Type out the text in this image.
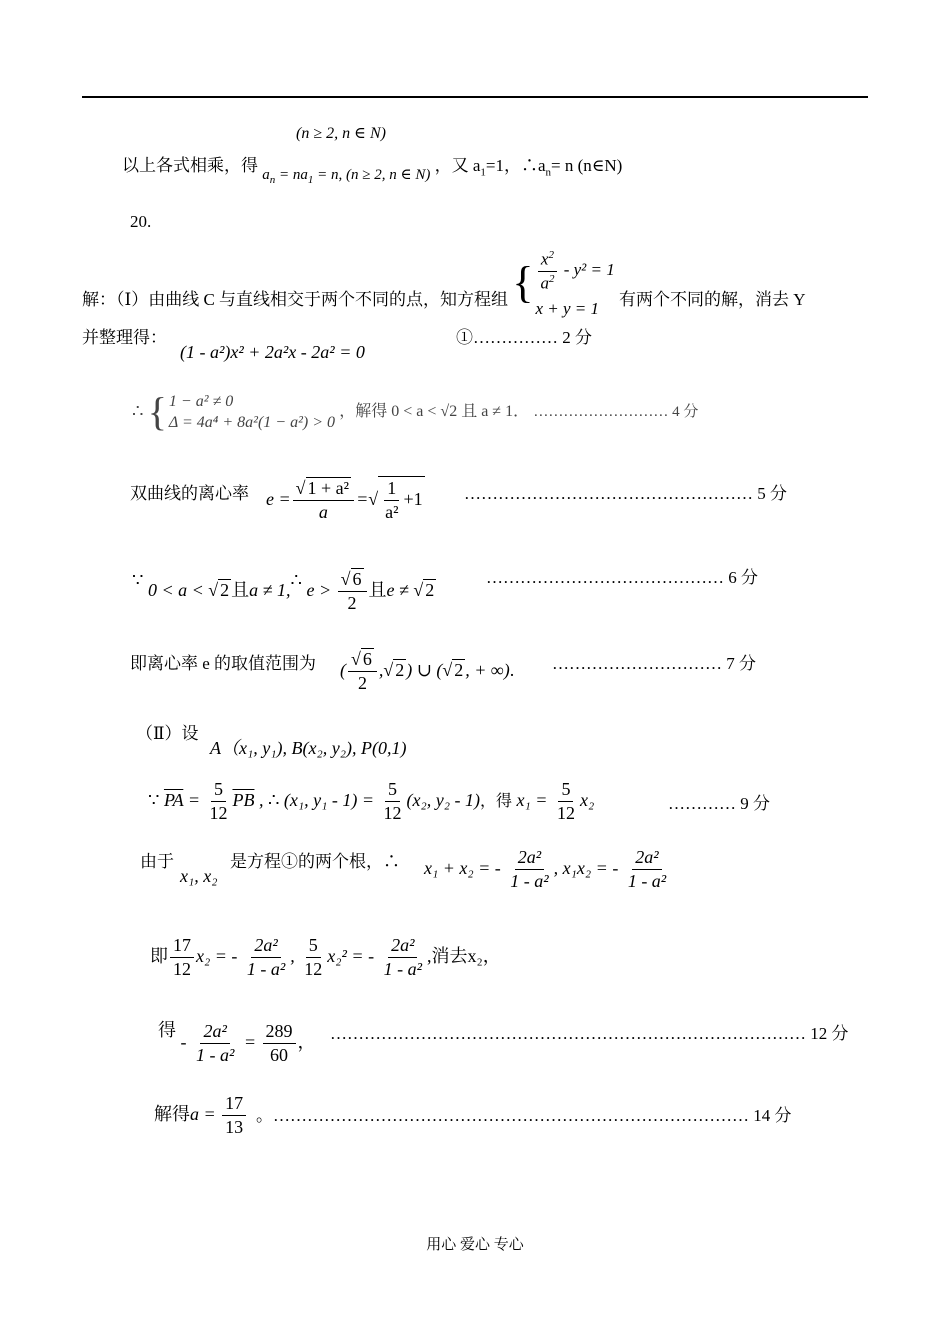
(n ≥ 2, n ∈ N)
以上各式相乘，得 $a_n = na_1 = n$, (n ≥ 2, n ∈ N) ，又 $a_1=1$，$\therefore a_n= n$ (n∈N)
20.
解：（Ⅰ）由曲线 C 与直线相交于两个不同的点，知方程组 { $\frac{x^2}{a^2} - y^2 = 1$
x + y = 1	有两个不同的解，消去 Y
并整理得：
(1 - a²)x² + 2a²x - 2a² = 0
①…………… 2 分
∴ { 1 − a² ≠ 0
Δ = 4a⁴ + 8a²(1 − a²) > 0
，解得 0 < a < √2 且 a ≠ 1． ……………………… 4 分
双曲线的离心率 $e = \frac{\text{√ 1 + a²}}{a}$ =√ $\frac{1}{\text{a²}} +1$ …………………………………………… 5 分
∵ 0 < a < √ 2 且a ≠ 1,∴ $e > \frac{√ 6}{2}$ 且e ≠ √ 2
…………………………………… 6 分
即离心率 e 的取值范围为 ( $\frac{√ 6}{2}$ ,√ 2 ) ∪ (√ 2 , + ∞). ………………………… 7 分
（Ⅱ）设
A（x₁, y₁), B(x₂, y₂), P(0,1)
∵ $\overline{PA} = \frac{5}{12} \overline{PB}$ , ∴ (x₁, $y_1 - 1) = \frac{5}{12} (x_2$, y₂ - 1)，得 $x_1 = \frac{5}{12} x_2$	………… 9 分
由于
x₁, x₂
是方程①的两个根，∴ x₁ + x₂ = - $\frac{\text{2a²}}{\text{1 - a²}}$ , x₁x₂ = - $\frac{\text{2a²}}{\text{1 - a²}}$
即 $\frac{17}{12} x_2$ = - $\frac{\text{2a²}}{\text{1 - a²}}$ , $\frac{5}{12} x_2^2$ = - $\frac{\text{2a²}}{\text{1 - a²}}$ ,消去x₂，
得 - $\frac{\text{2a²}}{\text{1 - a²}} = \frac{289}{60}$ ， ………………………………………………………………………… 12 分
解得$a = \frac{17}{13}$ 。………………………………………………………………………… 14 分
用心 爱心 专心
